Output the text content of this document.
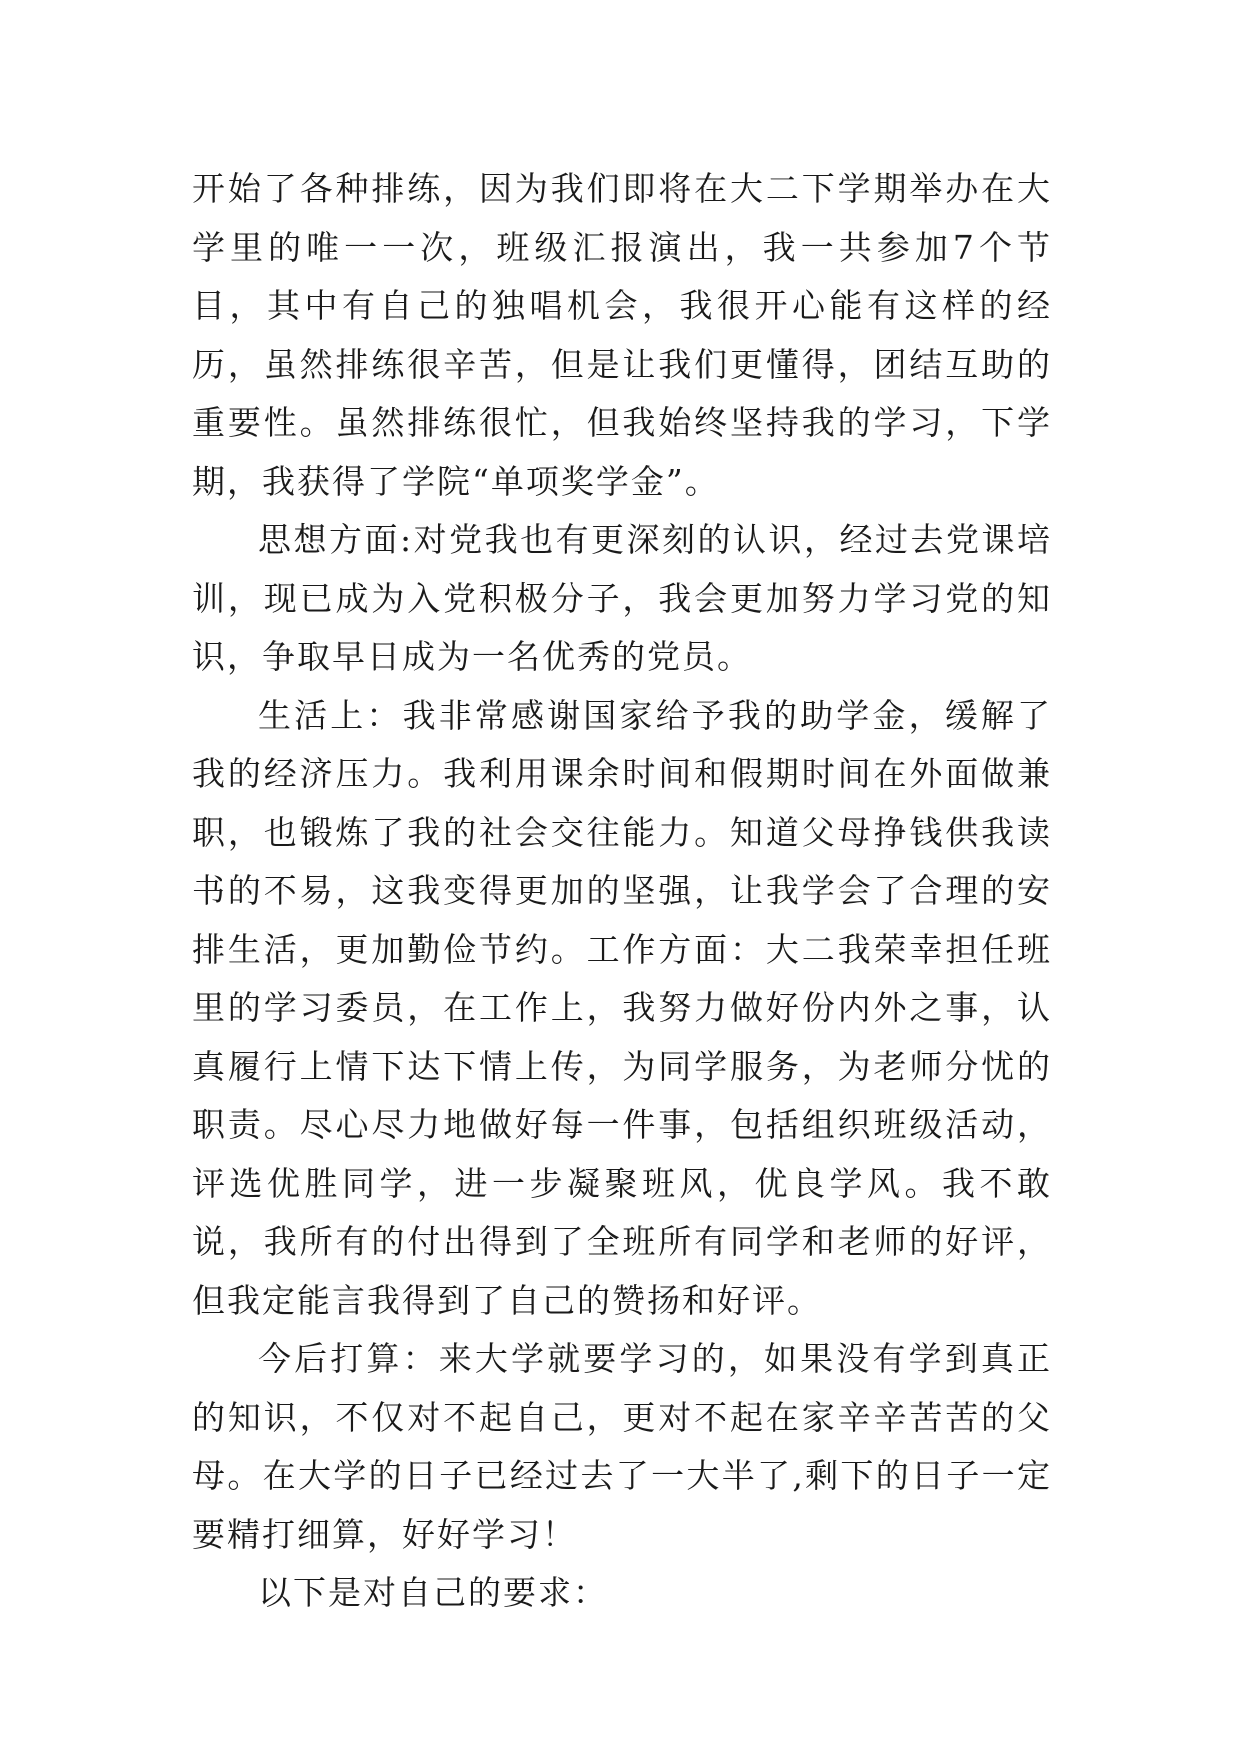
开始了各种排练，因为我们即将在大二下学期举办在大学里的唯一一次，班级汇报演出，我一共参加7个节目，其中有自己的独唱机会，我很开心能有这样的经历，虽然排练很辛苦，但是让我们更懂得，团结互助的重要性。虽然排练很忙，但我始终坚持我的学习，下学期，我获得了学院“单项奖学金”。

思想方面:对党我也有更深刻的认识，经过去党课培训，现已成为入党积极分子，我会更加努力学习党的知识，争取早日成为一名优秀的党员。

生活上：我非常感谢国家给予我的助学金，缓解了我的经济压力。我利用课余时间和假期时间在外面做兼职，也锻炼了我的社会交往能力。知道父母挣钱供我读书的不易，这我变得更加的坚强，让我学会了合理的安排生活，更加勤俭节约。工作方面：大二我荣幸担任班里的学习委员，在工作上，我努力做好份内外之事，认真履行上情下达下情上传，为同学服务，为老师分忧的职责。尽心尽力地做好每一件事，包括组织班级活动，评选优胜同学，进一步凝聚班风，优良学风。我不敢说，我所有的付出得到了全班所有同学和老师的好评，但我定能言我得到了自己的赞扬和好评。

今后打算：来大学就要学习的，如果没有学到真正的知识，不仅对不起自己，更对不起在家辛辛苦苦的父母。在大学的日子已经过去了一大半了,剩下的日子一定要精打细算，好好学习！

以下是对自己的要求：
